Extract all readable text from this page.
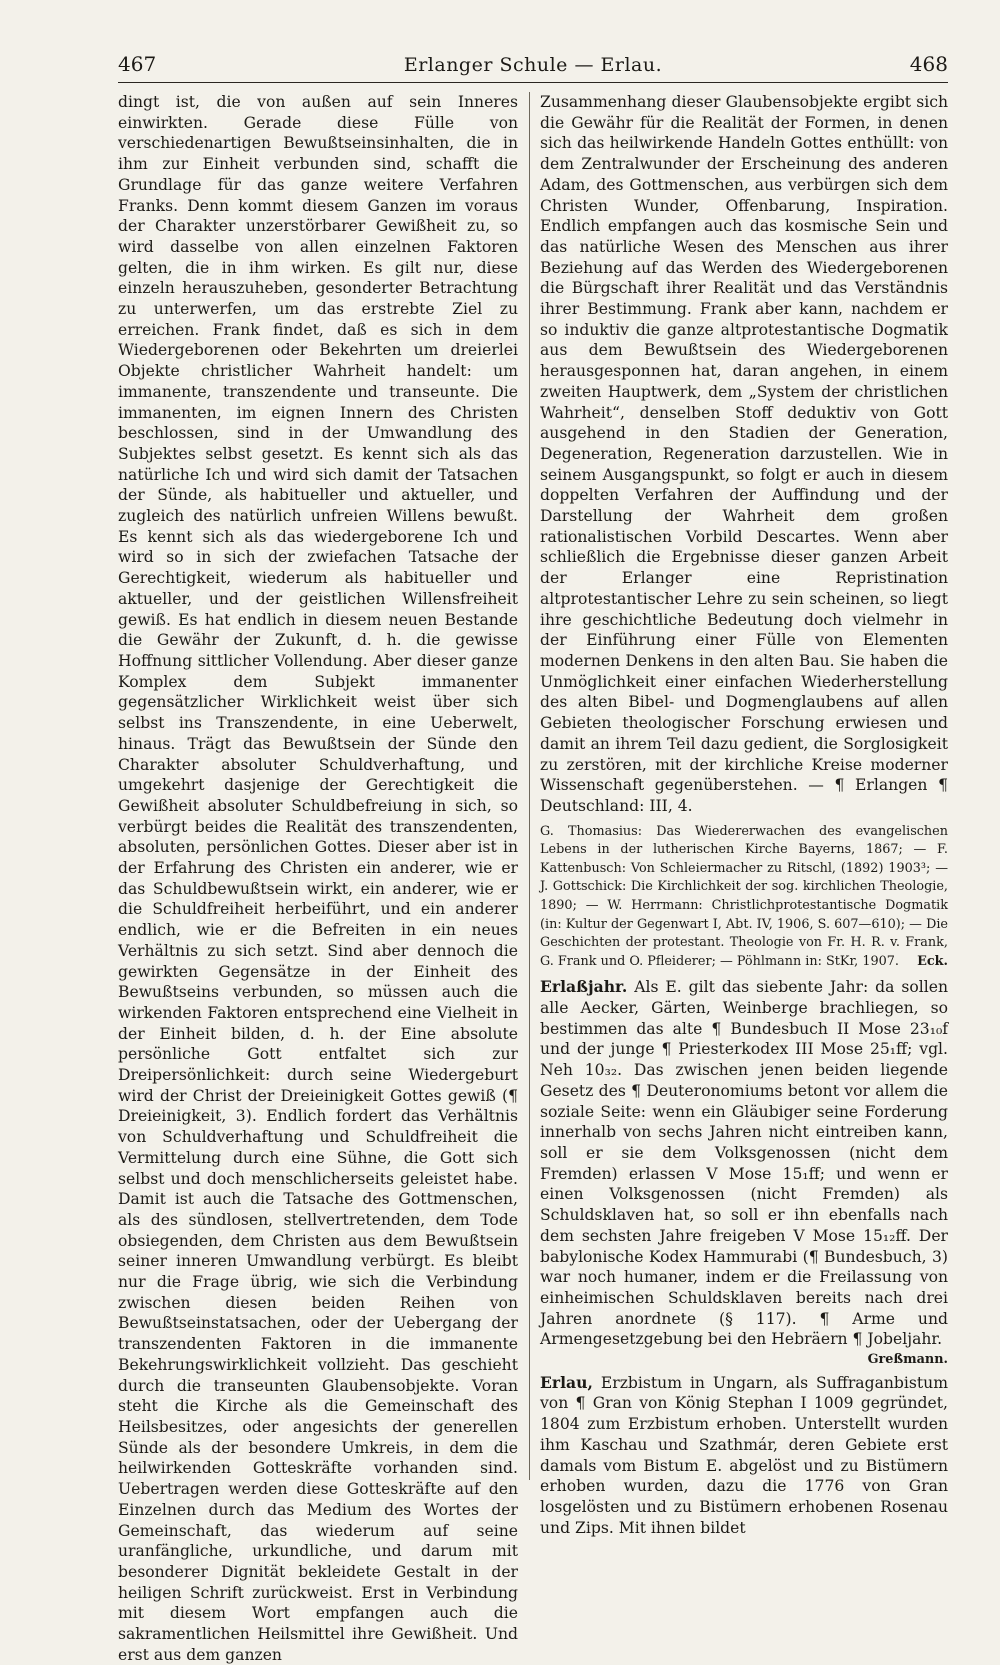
467	Erlanger Schule — Erlau.	468

dingt ist, die von außen auf sein Inneres einwirkten. Gerade diese Fülle von verschiedenartigen Bewußtseinsinhalten, die in ihm zur Einheit verbunden sind, schafft die Grundlage für das ganze weitere Verfahren Franks. Denn kommt diesem Ganzen im voraus der Charakter unzerstörbarer Gewißheit zu, so wird dasselbe von allen einzelnen Faktoren gelten, die in ihm wirken. Es gilt nur, diese einzeln herauszuheben, gesonderter Betrachtung zu unterwerfen, um das erstrebte Ziel zu erreichen. Frank findet, daß es sich in dem Wiedergeborenen oder Bekehrten um dreierlei Objekte christlicher Wahrheit handelt: um immanente, transzendente und transeunte. Die immanenten, im eignen Innern des Christen beschlossen, sind in der Umwandlung des Subjektes selbst gesetzt. Es kennt sich als das natürliche Ich und wird sich damit der Tatsachen der Sünde, als habitueller und aktueller, und zugleich des natürlich unfreien Willens bewußt. Es kennt sich als das wiedergeborene Ich und wird so in sich der zwiefachen Tatsache der Gerechtigkeit, wiederum als habitueller und aktueller, und der geistlichen Willensfreiheit gewiß. Es hat endlich in diesem neuen Bestande die Gewähr der Zukunft, d. h. die gewisse Hoffnung sittlicher Vollendung. Aber dieser ganze Komplex dem Subjekt immanenter gegensätzlicher Wirklichkeit weist über sich selbst ins Transzendente, in eine Ueberwelt, hinaus. Trägt das Bewußtsein der Sünde den Charakter absoluter Schuldverhaftung, und umgekehrt dasjenige der Gerechtigkeit die Gewißheit absoluter Schuldbefreiung in sich, so verbürgt beides die Realität des transzendenten, absoluten, persönlichen Gottes. Dieser aber ist in der Erfahrung des Christen ein anderer, wie er das Schuldbewußtsein wirkt, ein anderer, wie er die Schuldfreiheit herbeiführt, und ein anderer endlich, wie er die Befreiten in ein neues Verhältnis zu sich setzt. Sind aber dennoch die gewirkten Gegensätze in der Einheit des Bewußtseins verbunden, so müssen auch die wirkenden Faktoren entsprechend eine Vielheit in der Einheit bilden, d. h. der Eine absolute persönliche Gott entfaltet sich zur Dreipersönlichkeit: durch seine Wiedergeburt wird der Christ der Dreieinigkeit Gottes gewiß (¶ Dreieinigkeit, 3). Endlich fordert das Verhältnis von Schuldverhaftung und Schuldfreiheit die Vermittelung durch eine Sühne, die Gott sich selbst und doch menschlicherseits geleistet habe. Damit ist auch die Tatsache des Gottmenschen, als des sündlosen, stellvertretenden, dem Tode obsiegenden, dem Christen aus dem Bewußtsein seiner inneren Umwandlung verbürgt. Es bleibt nur die Frage übrig, wie sich die Verbindung zwischen diesen beiden Reihen von Bewußtseinstatsachen, oder der Uebergang der transzendenten Faktoren in die immanente Bekehrungswirklichkeit vollzieht. Das geschieht durch die transeunten Glaubensobjekte. Voran steht die Kirche als die Gemeinschaft des Heilsbesitzes, oder angesichts der generellen Sünde als der besondere Umkreis, in dem die heilwirkenden Gotteskräfte vorhanden sind. Uebertragen werden diese Gotteskräfte auf den Einzelnen durch das Medium des Wortes der Gemeinschaft, das wiederum auf seine uranfängliche, urkundliche, und darum mit besonderer Dignität bekleidete Gestalt in der heiligen Schrift zurückweist. Erst in Verbindung mit diesem Wort empfangen auch die sakramentlichen Heilsmittel ihre Gewißheit. Und erst aus dem ganzen

Zusammenhang dieser Glaubensobjekte ergibt sich die Gewähr für die Realität der Formen, in denen sich das heilwirkende Handeln Gottes enthüllt: von dem Zentralwunder der Erscheinung des anderen Adam, des Gottmenschen, aus verbürgen sich dem Christen Wunder, Offenbarung, Inspiration. Endlich empfangen auch das kosmische Sein und das natürliche Wesen des Menschen aus ihrer Beziehung auf das Werden des Wiedergeborenen die Bürgschaft ihrer Realität und das Verständnis ihrer Bestimmung. Frank aber kann, nachdem er so induktiv die ganze altprotestantische Dogmatik aus dem Bewußtsein des Wiedergeborenen herausgesponnen hat, daran angehen, in einem zweiten Hauptwerk, dem „System der christlichen Wahrheit“, denselben Stoff deduktiv von Gott ausgehend in den Stadien der Generation, Degeneration, Regeneration darzustellen. Wie in seinem Ausgangspunkt, so folgt er auch in diesem doppelten Verfahren der Auffindung und der Darstellung der Wahrheit dem großen rationalistischen Vorbild Descartes. Wenn aber schließlich die Ergebnisse dieser ganzen Arbeit der Erlanger eine Repristination altprotestantischer Lehre zu sein scheinen, so liegt ihre geschichtliche Bedeutung doch vielmehr in der Einführung einer Fülle von Elementen modernen Denkens in den alten Bau. Sie haben die Unmöglichkeit einer einfachen Wiederherstellung des alten Bibel- und Dogmenglaubens auf allen Gebieten theologischer Forschung erwiesen und damit an ihrem Teil dazu gedient, die Sorglosigkeit zu zerstören, mit der kirchliche Kreise moderner Wissenschaft gegenüberstehen. — ¶ Erlangen ¶ Deutschland: III, 4.

G. Thomasius: Das Wiedererwachen des evangelischen Lebens in der lutherischen Kirche Bayerns, 1867; — F. Kattenbusch: Von Schleiermacher zu Ritschl, (1892) 1903³; — J. Gottschick: Die Kirchlichkeit der sog. kirchlichen Theologie, 1890; — W. Herrmann: Christlichprotestantische Dogmatik (in: Kultur der Gegenwart I, Abt. IV, 1906, S. 607—610); — Die Geschichten der protestant. Theologie von Fr. H. R. v. Frank, G. Frank und O. Pfleiderer; — Pöhlmann in: StKr, 1907. Eck.

Erlaßjahr. Als E. gilt das siebente Jahr: da sollen alle Aecker, Gärten, Weinberge brachliegen, so bestimmen das alte ¶ Bundesbuch II Mose 23₁₀f und der junge ¶ Priesterkodex III Mose 25₁ff; vgl. Neh 10₃₂. Das zwischen jenen beiden liegende Gesetz des ¶ Deuteronomiums betont vor allem die soziale Seite: wenn ein Gläubiger seine Forderung innerhalb von sechs Jahren nicht eintreiben kann, soll er sie dem Volksgenossen (nicht dem Fremden) erlassen V Mose 15₁ff; und wenn er einen Volksgenossen (nicht Fremden) als Schuldsklaven hat, so soll er ihn ebenfalls nach dem sechsten Jahre freigeben V Mose 15₁₂ff. Der babylonische Kodex Hammurabi (¶ Bundesbuch, 3) war noch humaner, indem er die Freilassung von einheimischen Schuldsklaven bereits nach drei Jahren anordnete (§ 117). ¶ Arme und Armengesetzgebung bei den Hebräern ¶ Jobeljahr.

Greßmann.

Erlau, Erzbistum in Ungarn, als Suffraganbistum von ¶ Gran von König Stephan I 1009 gegründet, 1804 zum Erzbistum erhoben. Unterstellt wurden ihm Kaschau und Szathmár, deren Gebiete erst damals vom Bistum E. abgelöst und zu Bistümern erhoben wurden, dazu die 1776 von Gran losgelösten und zu Bistümern erhobenen Rosenau und Zips. Mit ihnen bildet
